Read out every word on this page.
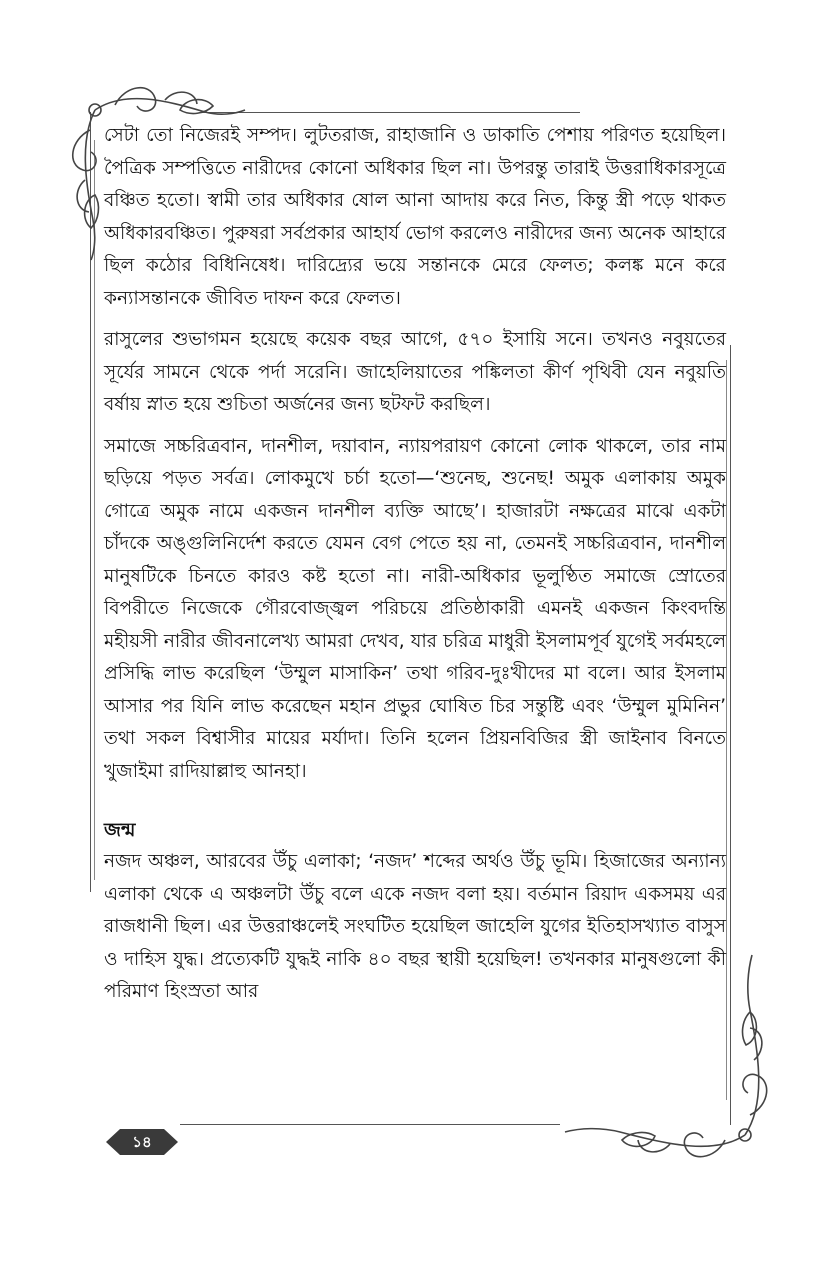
সেটা তো নিজেরই সম্পদ। লুটতরাজ, রাহাজানি ও ডাকাতি পেশায় পরিণত হয়েছিল। পৈত্রিক সম্পত্তিতে নারীদের কোনো অধিকার ছিল না। উপরন্তু তারাই উত্তরাধিকারসূত্রে বঞ্চিত হতো। স্বামী তার অধিকার ষোল আনা আদায় করে নিত, কিন্তু স্ত্রী পড়ে থাকত অধিকারবঞ্চিত। পুরুষরা সর্বপ্রকার আহার্য ভোগ করলেও নারীদের জন্য অনেক আহারে ছিল কঠোর বিধিনিষেধ। দারিদ্র্যের ভয়ে সন্তানকে মেরে ফেলত; কলঙ্ক মনে করে কন্যাসন্তানকে জীবিত দাফন করে ফেলত।

রাসুলের শুভাগমন হয়েছে কয়েক বছর আগে, ৫৭০ ইসায়ি সনে। তখনও নবুয়তের সূর্যের সামনে থেকে পর্দা সরেনি। জাহেলিয়াতের পঙ্কিলতা কীর্ণ পৃথিবী যেন নবুয়তি বর্ষায় স্নাত হয়ে শুচিতা অর্জনের জন্য ছটফট করছিল।

সমাজে সচ্চরিত্রবান, দানশীল, দয়াবান, ন্যায়পরায়ণ কোনো লোক থাকলে, তার নাম ছড়িয়ে পড়ত সর্বত্র। লোকমুখে চর্চা হতো—‘শুনেছ, শুনেছ! অমুক এলাকায় অমুক গোত্রে অমুক নামে একজন দানশীল ব্যক্তি আছে’। হাজারটা নক্ষত্রের মাঝে একটা চাঁদকে অঙ্গুলিনির্দেশ করতে যেমন বেগ পেতে হয় না, তেমনই সচ্চরিত্রবান, দানশীল মানুষটিকে চিনতে কারও কষ্ট হতো না। নারী-অধিকার ভূলুণ্ঠিত সমাজে স্রোতের বিপরীতে নিজেকে গৌরবোজ্জ্বল পরিচয়ে প্রতিষ্ঠাকারী এমনই একজন কিংবদন্তি মহীয়সী নারীর জীবনালেখ্য আমরা দেখব, যার চরিত্র মাধুরী ইসলামপূর্ব যুগেই সর্বমহলে প্রসিদ্ধি লাভ করেছিল ‘উম্মুল মাসাকিন’ তথা গরিব-দুঃখীদের মা বলে। আর ইসলাম আসার পর যিনি লাভ করেছেন মহান প্রভুর ঘোষিত চির সন্তুষ্টি এবং ‘উম্মুল মুমিনিন’ তথা সকল বিশ্বাসীর মায়ের মর্যাদা। তিনি হলেন প্রিয়নবিজির স্ত্রী জাইনাব বিনতে খুজাইমা রাদিয়াল্লাহু আনহা।

জন্ম

নজদ অঞ্চল, আরবের উঁচু এলাকা; ‘নজদ’ শব্দের অর্থও উঁচু ভূমি। হিজাজের অন্যান্য এলাকা থেকে এ অঞ্চলটা উঁচু বলে একে নজদ বলা হয়। বর্তমান রিয়াদ একসময় এর রাজধানী ছিল। এর উত্তরাঞ্চলেই সংঘটিত হয়েছিল জাহেলি যুগের ইতিহাসখ্যাত বাসুস ও দাহিস যুদ্ধ। প্রত্যেকটি যুদ্ধই নাকি ৪০ বছর স্থায়ী হয়েছিল! তখনকার মানুষগুলো কী পরিমাণ হিংস্রতা আর

১৪
